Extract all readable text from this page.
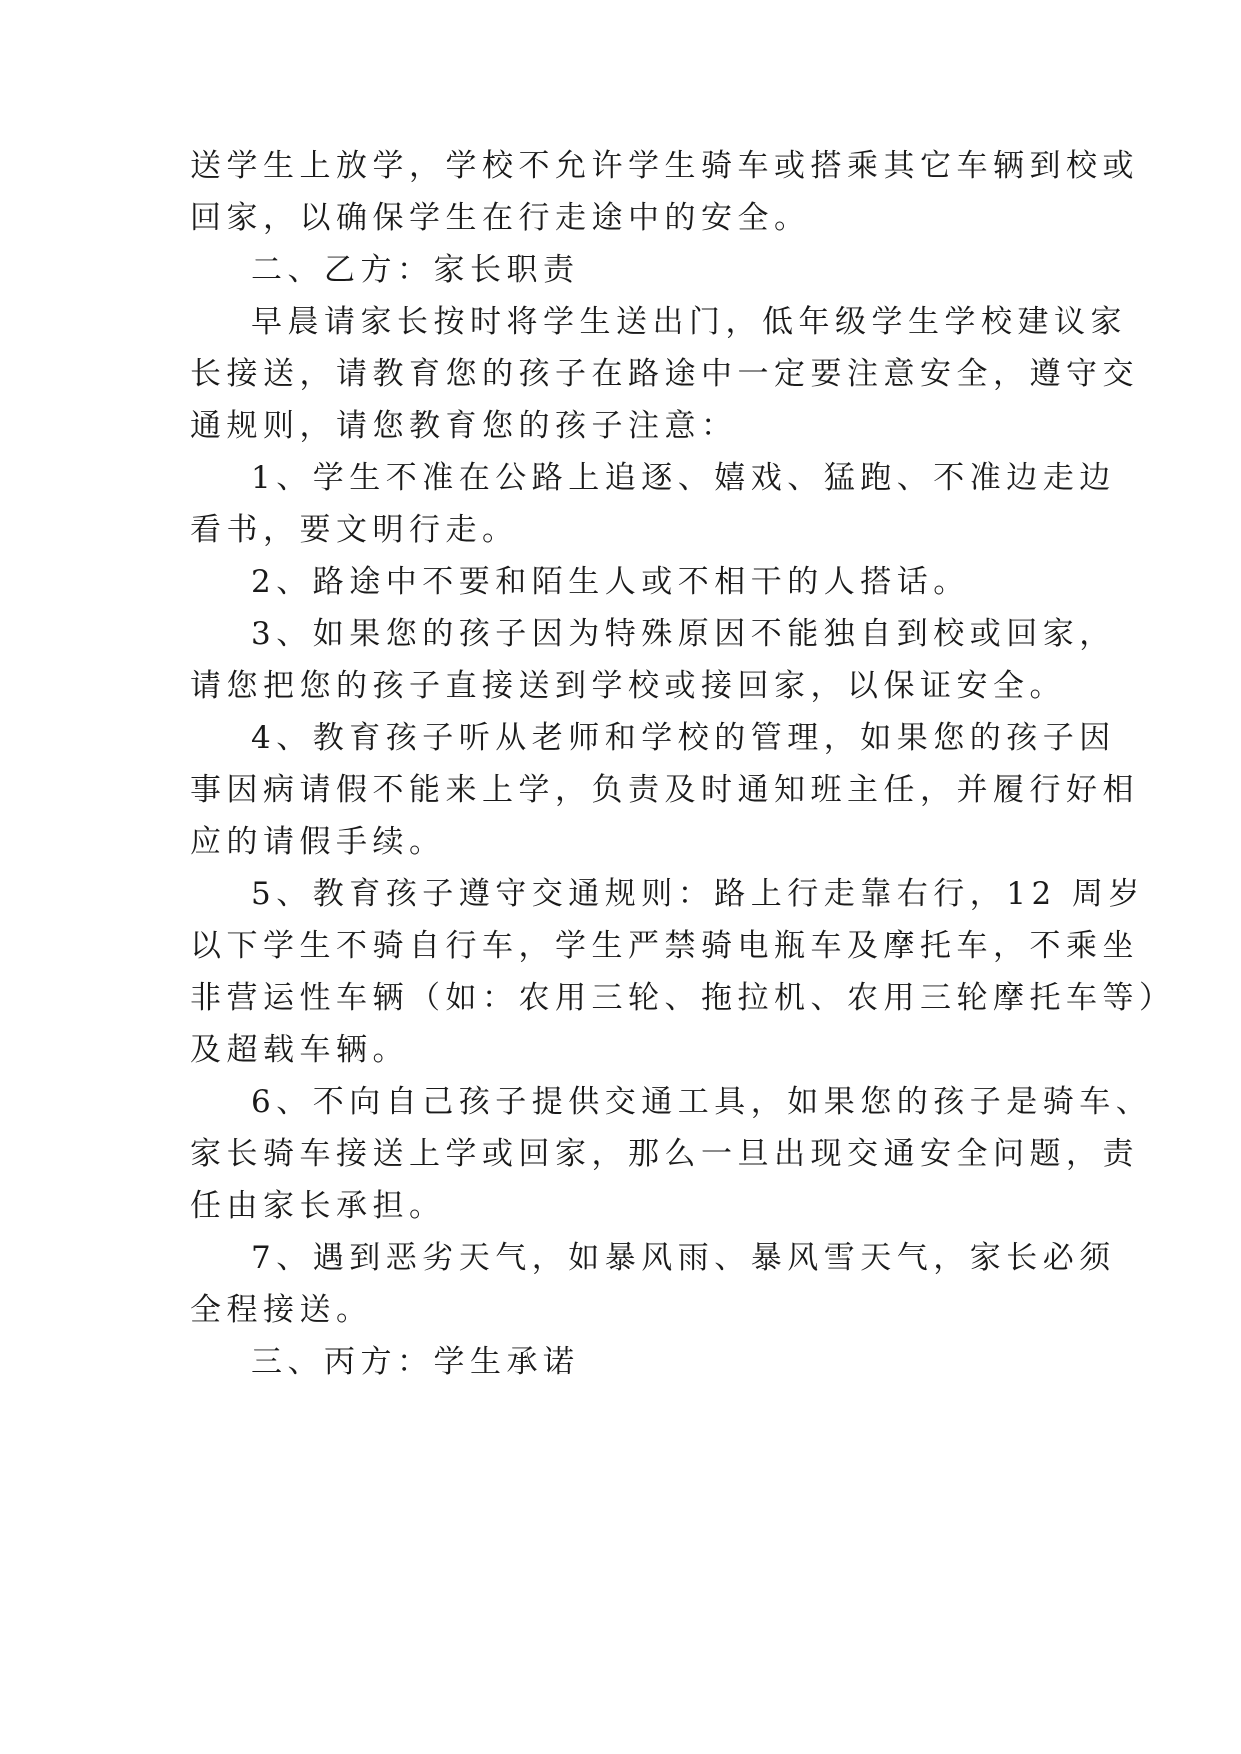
送学生上放学，学校不允许学生骑车或搭乘其它车辆到校或
回家，以确保学生在行走途中的安全。
二、乙方：家长职责
早晨请家长按时将学生送出门，低年级学生学校建议家
长接送，请教育您的孩子在路途中一定要注意安全，遵守交
通规则，请您教育您的孩子注意：
1、学生不准在公路上追逐、嬉戏、猛跑、不准边走边
看书，要文明行走。
2、路途中不要和陌生人或不相干的人搭话。
3、如果您的孩子因为特殊原因不能独自到校或回家，
请您把您的孩子直接送到学校或接回家，以保证安全。
4、教育孩子听从老师和学校的管理，如果您的孩子因
事因病请假不能来上学，负责及时通知班主任，并履行好相
应的请假手续。
5、教育孩子遵守交通规则：路上行走靠右行，12 周岁
以下学生不骑自行车，学生严禁骑电瓶车及摩托车，不乘坐
非营运性车辆（如：农用三轮、拖拉机、农用三轮摩托车等）
及超载车辆。
6、不向自己孩子提供交通工具，如果您的孩子是骑车、
家长骑车接送上学或回家，那么一旦出现交通安全问题，责
任由家长承担。
7、遇到恶劣天气，如暴风雨、暴风雪天气，家长必须
全程接送。
三、丙方：学生承诺
